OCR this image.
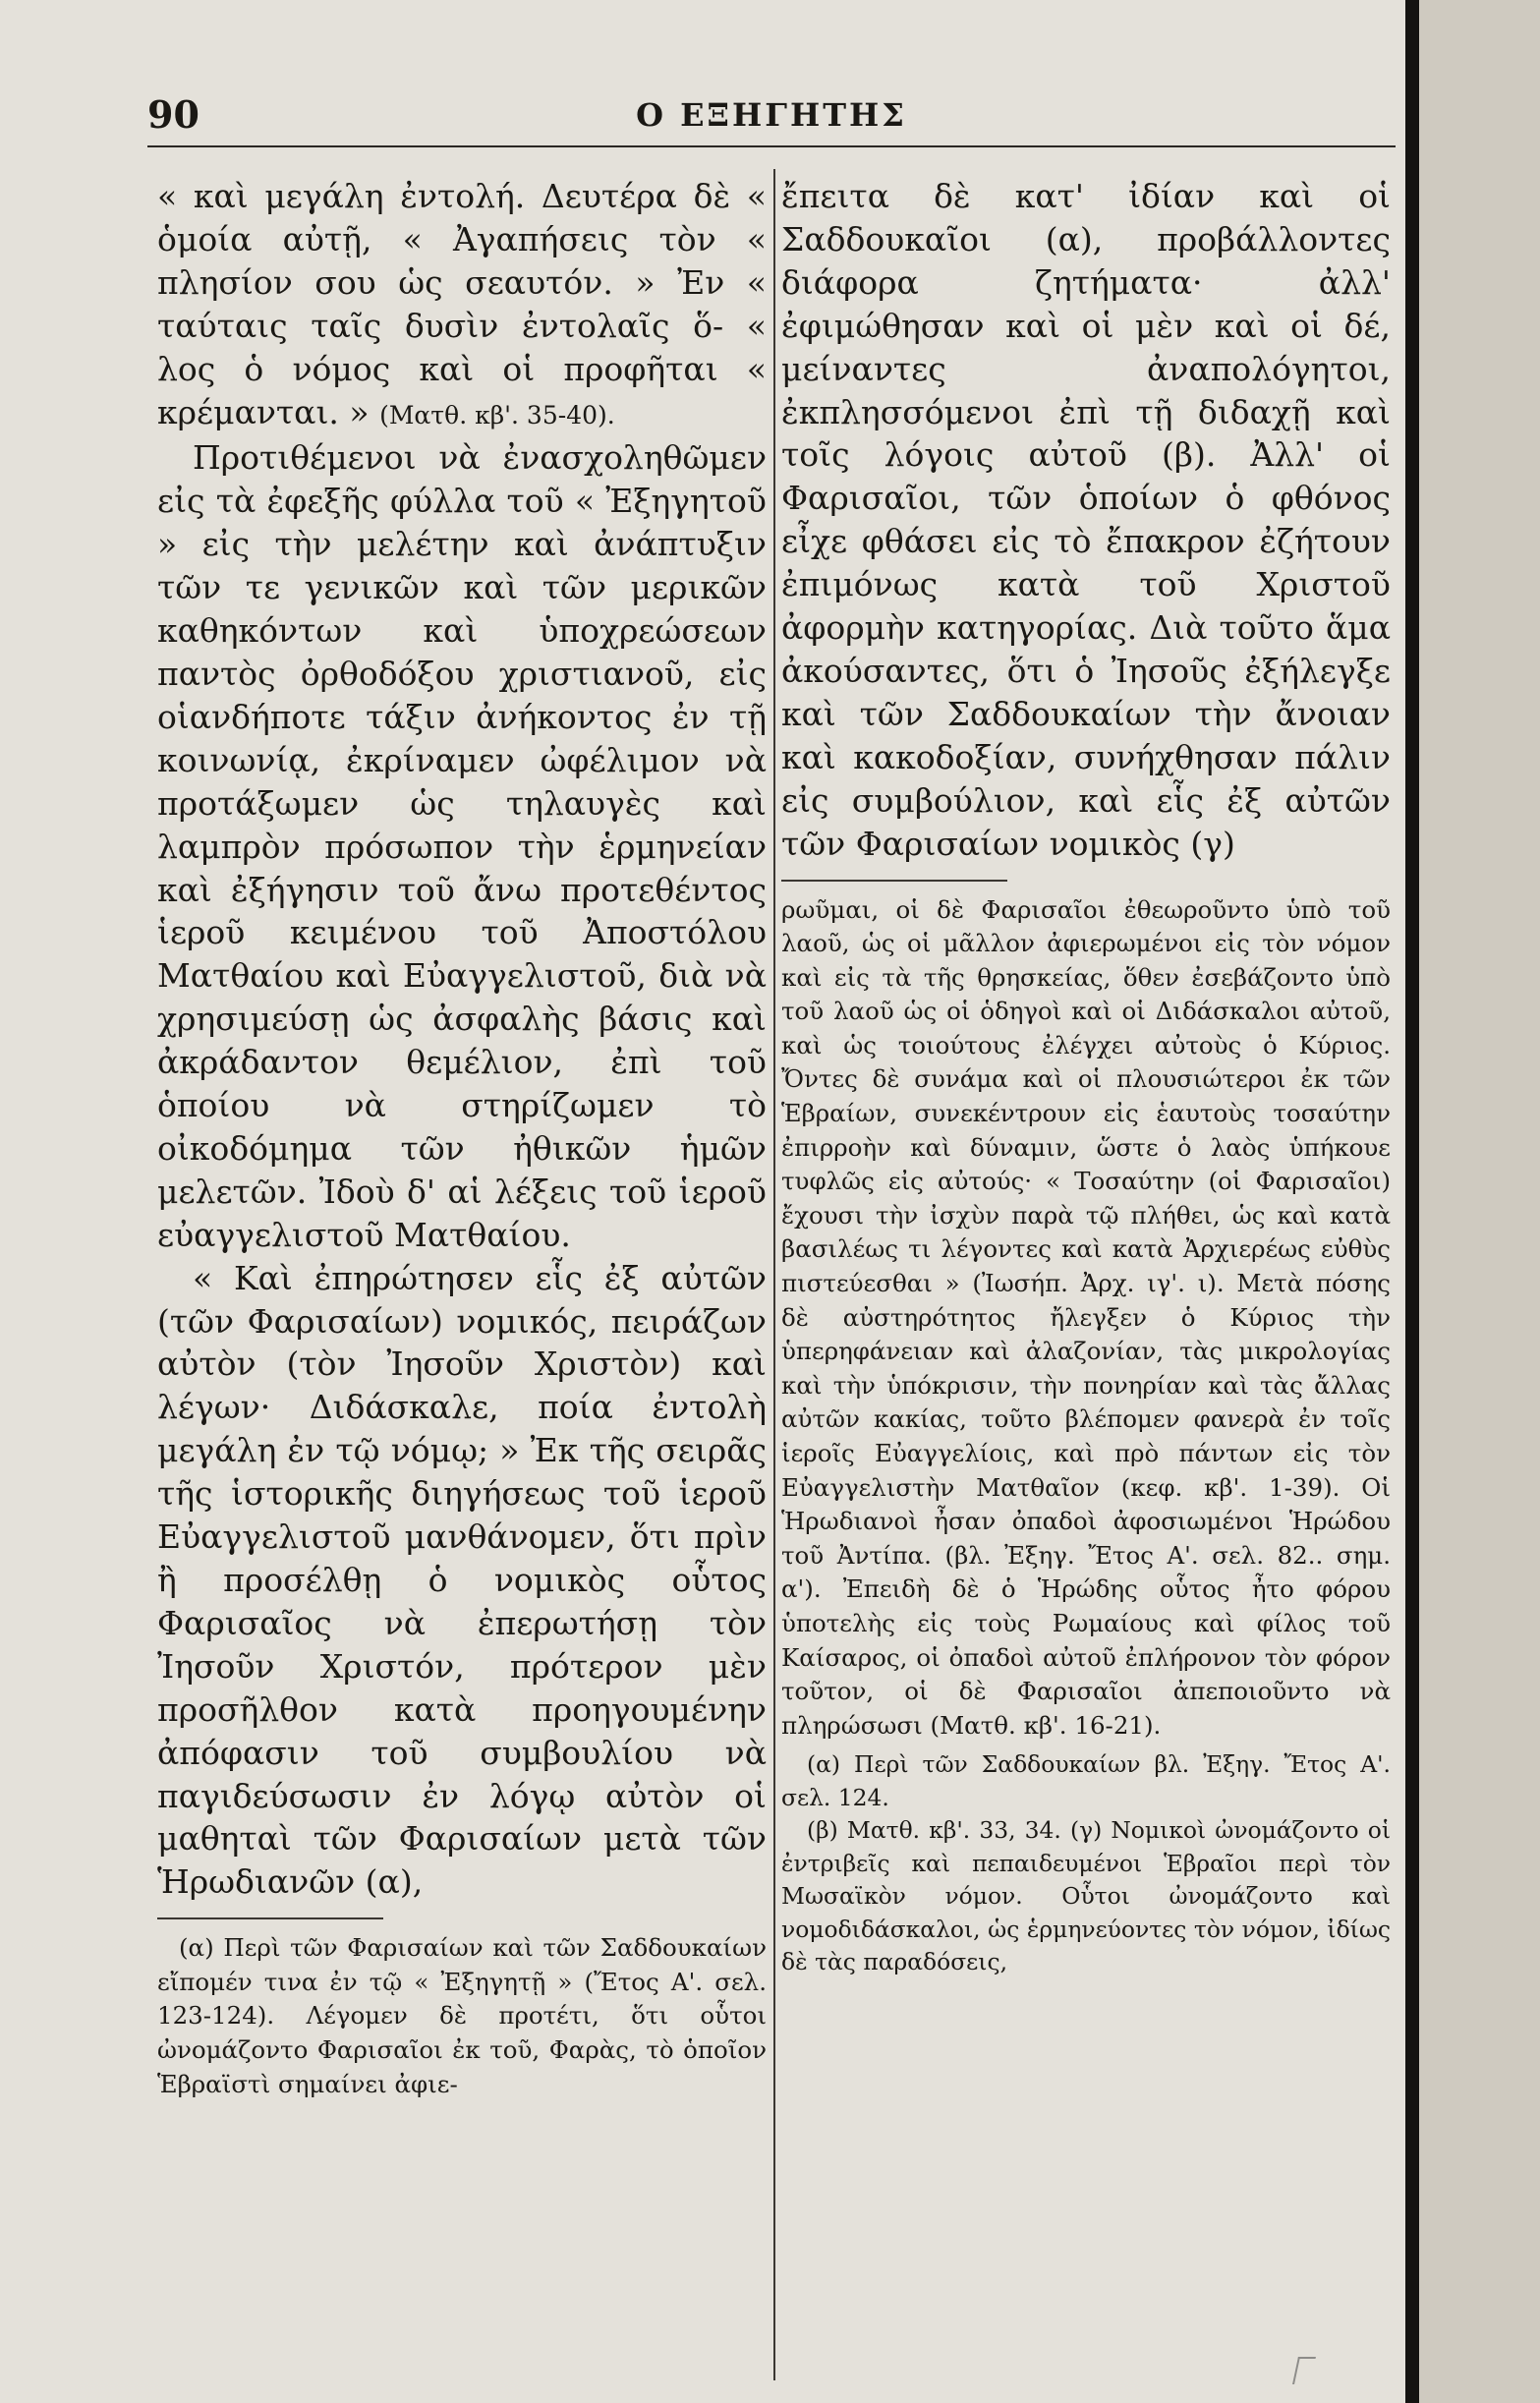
90	Ο ΕΞΗΓΗΤΗΣ
« καὶ μεγάλη ἐντολή. Δευτέρα δὲ « ὁμοία αὐτῇ, « Ἀγαπήσεις τὸν « πλησίον σου ὡς σεαυτόν. » Ἐν « ταύταις ταῖς δυσὶν ἐντολαῖς ὅ- « λος ὁ νόμος καὶ οἱ προφῆται « κρέμανται. » (Ματθ. κβ'. 35-40).
Προτιθέμενοι νὰ ἐνασχοληθῶμεν εἰς τὰ ἐφεξῆς φύλλα τοῦ « Ἐξηγητοῦ » εἰς τὴν μελέτην καὶ ἀνάπτυξιν τῶν τε γενικῶν καὶ τῶν μερικῶν καθηκόντων καὶ ὑποχρεώσεων παντὸς ὀρθοδόξου χριστιανοῦ, εἰς οἱανδήποτε τάξιν ἀνήκοντος ἐν τῇ κοινωνίᾳ, ἐκρίναμεν ὠφέλιμον νὰ προτάξωμεν ὡς τηλαυγὲς καὶ λαμπρὸν πρόσωπον τὴν ἑρμηνείαν καὶ ἐξήγησιν τοῦ ἄνω προτεθέντος ἱεροῦ κειμένου τοῦ Ἀποστόλου Ματθαίου καὶ Εὐαγγελιστοῦ, διὰ νὰ χρησιμεύσῃ ὡς ἀσφαλὴς βάσις καὶ ἀκράδαντον θεμέλιον, ἐπὶ τοῦ ὁποίου νὰ στηρίζωμεν τὸ οἰκοδόμημα τῶν ἠθικῶν ἡμῶν μελετῶν. Ἰδοὺ δ' αἱ λέξεις τοῦ ἱεροῦ εὐαγγελιστοῦ Ματθαίου.
« Καὶ ἐπηρώτησεν εἷς ἐξ αὐτῶν (τῶν Φαρισαίων) νομικός, πειράζων αὐτὸν (τὸν Ἰησοῦν Χριστὸν) καὶ λέγων· Διδάσκαλε, ποία ἐντολὴ μεγάλη ἐν τῷ νόμῳ; » Ἐκ τῆς σειρᾶς τῆς ἱστορικῆς διηγήσεως τοῦ ἱεροῦ Εὐαγγελιστοῦ μανθάνομεν, ὅτι πρὶν ἢ προσέλθῃ ὁ νομικὸς οὗτος Φαρισαῖος νὰ ἐπερωτήσῃ τὸν Ἰησοῦν Χριστόν, πρότερον μὲν προσῆλθον κατὰ προηγουμένην ἀπόφασιν τοῦ συμβουλίου νὰ παγιδεύσωσιν ἐν λόγῳ αὐτὸν οἱ μαθηταὶ τῶν Φαρισαίων μετὰ τῶν Ἡρωδιανῶν (α),
(α) Περὶ τῶν Φαρισαίων καὶ τῶν Σαδδουκαίων εἴπομέν τινα ἐν τῷ « Ἐξηγητῇ » (Ἔτος Α'. σελ. 123-124). Λέγομεν δὲ προτέτι, ὅτι οὗτοι ὠνομάζοντο Φαρισαῖοι ἐκ τοῦ, Φαρὰς, τὸ ὁποῖον Ἑβραϊστὶ σημαίνει ἀφιε-
ἔπειτα δὲ κατ' ἰδίαν καὶ οἱ Σαδδουκαῖοι (α), προβάλλοντες διάφορα ζητήματα· ἀλλ' ἐφιμώθησαν καὶ οἱ μὲν καὶ οἱ δέ, μείναντες ἀναπολόγητοι, ἐκπλησσόμενοι ἐπὶ τῇ διδαχῇ καὶ τοῖς λόγοις αὐτοῦ (β). Ἀλλ' οἱ Φαρισαῖοι, τῶν ὁποίων ὁ φθόνος εἶχε φθάσει εἰς τὸ ἔπακρον ἐζήτουν ἐπιμόνως κατὰ τοῦ Χριστοῦ ἀφορμὴν κατηγορίας. Διὰ τοῦτο ἅμα ἀκούσαντες, ὅτι ὁ Ἰησοῦς ἐξήλεγξε καὶ τῶν Σαδδουκαίων τὴν ἄνοιαν καὶ κακοδοξίαν, συνήχθησαν πάλιν εἰς συμβούλιον, καὶ εἷς ἐξ αὐτῶν τῶν Φαρισαίων νομικὸς (γ)
ρωῦμαι, οἱ δὲ Φαρισαῖοι ἐθεωροῦντο ὑπὸ τοῦ λαοῦ, ὡς οἱ μᾶλλον ἀφιερωμένοι εἰς τὸν νόμον καὶ εἰς τὰ τῆς θρησκείας, ὅθεν ἐσεβάζοντο ὑπὸ τοῦ λαοῦ ὡς οἱ ὁδηγοὶ καὶ οἱ Διδάσκαλοι αὐτοῦ, καὶ ὡς τοιούτους ἐλέγχει αὐτοὺς ὁ Κύριος. Ὄντες δὲ συνάμα καὶ οἱ πλουσιώτεροι ἐκ τῶν Ἑβραίων, συνεκέντρουν εἰς ἑαυτοὺς τοσαύτην ἐπιρροὴν καὶ δύναμιν, ὥστε ὁ λαὸς ὑπήκουε τυφλῶς εἰς αὐτούς· « Τοσαύτην (οἱ Φαρισαῖοι) ἔχουσι τὴν ἰσχὺν παρὰ τῷ πλήθει, ὡς καὶ κατὰ βασιλέως τι λέγοντες καὶ κατὰ Ἀρχιερέως εὐθὺς πιστεύεσθαι » (Ἰωσήπ. Ἀρχ. ιγ'. ι). Μετὰ πόσης δὲ αὐστηρότητος ἤλεγξεν ὁ Κύριος τὴν ὑπερηφάνειαν καὶ ἀλαζονίαν, τὰς μικρολογίας καὶ τὴν ὑπόκρισιν, τὴν πονηρίαν καὶ τὰς ἄλλας αὐτῶν κακίας, τοῦτο βλέπομεν φανερὰ ἐν τοῖς ἱεροῖς Εὐαγγελίοις, καὶ πρὸ πάντων εἰς τὸν Εὐαγγελιστὴν Ματθαῖον (κεφ. κβ'. 1-39). Οἱ Ἡρωδιανοὶ ἦσαν ὀπαδοὶ ἀφοσιωμένοι Ἡρώδου τοῦ Ἀντίπα. (βλ. Ἐξηγ. Ἔτος Α'. σελ. 82.. σημ. α'). Ἐπειδὴ δὲ ὁ Ἡρώδης οὗτος ἦτο φόρου ὑποτελὴς εἰς τοὺς Ρωμαίους καὶ φίλος τοῦ Καίσαρος, οἱ ὀπαδοὶ αὐτοῦ ἐπλήρονον τὸν φόρον τοῦτον, οἱ δὲ Φαρισαῖοι ἀπεποιοῦντο νὰ πληρώσωσι (Ματθ. κβ'. 16-21).
(α) Περὶ τῶν Σαδδουκαίων βλ. Ἐξηγ. Ἔτος Α'. σελ. 124.
(β) Ματθ. κβ'. 33, 34. (γ) Νομικοὶ ὠνομάζοντο οἱ ἐντριβεῖς καὶ πεπαιδευμένοι Ἑβραῖοι περὶ τὸν Μωσαϊκὸν νόμον. Οὗτοι ὠνομάζοντο καὶ νομοδιδάσκαλοι, ὡς ἑρμηνεύοντες τὸν νόμον, ἰδίως δὲ τὰς παραδόσεις,
